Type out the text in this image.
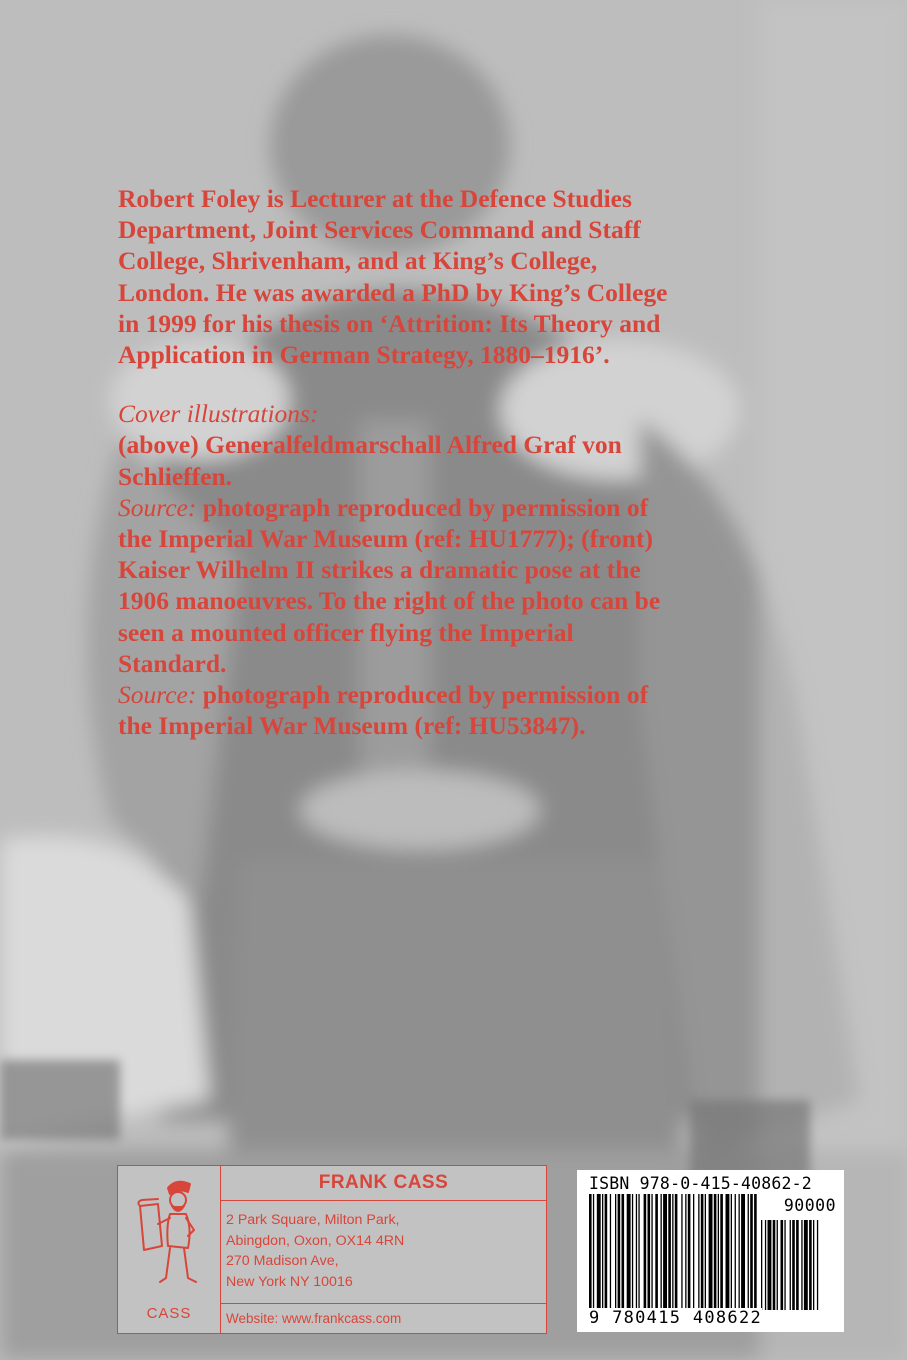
Robert Foley is Lecturer at the Defence Studies
Department, Joint Services Command and Staff
College, Shrivenham, and at King’s College,
London. He was awarded a PhD by King’s College
in 1999 for his thesis on ‘Attrition: Its Theory and
Application in German Strategy, 1880–1916’.

Cover illustrations:

(above) Generalfeldmarschall Alfred Graf von
Schlieffen.

Source: photograph reproduced by permission of
the Imperial War Museum (ref: HU1777); (front)
Kaiser Wilhelm II strikes a dramatic pose at the
1906 manoeuvres. To the right of the photo can be
seen a mounted officer flying the Imperial
Standard.

Source: photograph reproduced by permission of
the Imperial War Museum (ref: HU53847).

CASS
FRANK CASS
2 Park Square, Milton Park,
Abingdon, Oxon, OX14 4RN
270 Madison Ave,
New York NY 10016
Website: www.frankcass.com
ISBN 978-0-415-40862-2
90000
9 780415 408622
